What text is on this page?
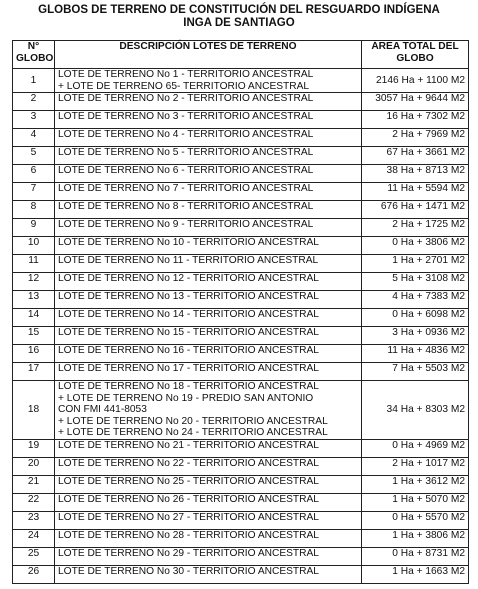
GLOBOS DE TERRENO DE CONSTITUCIÓN DEL RESGUARDO INDÍGENA
INGA DE SANTIAGO
N°
GLOBO	DESCRIPCIÓN LOTES DE TERRENO	ÁREA TOTAL DEL
GLOBO

1	LOTE DE TERRENO No 1 - TERRITORIO ANCESTRAL
+ LOTE DE TERRENO 65- TERRITORIO ANCESTRAL	2146 Ha + 1100 M2
2	LOTE DE TERRENO No 2 - TERRITORIO ANCESTRAL	3057 Ha + 9644 M2
3	LOTE DE TERRENO No 3 - TERRITORIO ANCESTRAL	16 Ha + 7302 M2
4	LOTE DE TERRENO No 4 - TERRITORIO ANCESTRAL	2 Ha + 7969 M2
5	LOTE DE TERRENO No 5 - TERRITORIO ANCESTRAL	67 Ha + 3661 M2
6	LOTE DE TERRENO No 6 - TERRITORIO ANCESTRAL	38 Ha + 8713 M2
7	LOTE DE TERRENO No 7 - TERRITORIO ANCESTRAL	11 Ha + 5594 M2
8	LOTE DE TERRENO No 8 - TERRITORIO ANCESTRAL	676 Ha + 1471 M2
9	LOTE DE TERRENO No 9 - TERRITORIO ANCESTRAL	2 Ha + 1725 M2
10	LOTE DE TERRENO No 10 - TERRITORIO ANCESTRAL	0 Ha + 3806 M2
11	LOTE DE TERRENO No 11 - TERRITORIO ANCESTRAL	1 Ha + 2701 M2
12	LOTE DE TERRENO No 12 - TERRITORIO ANCESTRAL	5 Ha + 3108 M2
13	LOTE DE TERRENO No 13 - TERRITORIO ANCESTRAL	4 Ha + 7383 M2
14	LOTE DE TERRENO No 14 - TERRITORIO ANCESTRAL	0 Ha + 6098 M2
15	LOTE DE TERRENO No 15 - TERRITORIO ANCESTRAL	3 Ha + 0936 M2
16	LOTE DE TERRENO No 16 - TERRITORIO ANCESTRAL	11 Ha + 4836 M2
17	LOTE DE TERRENO No 17 - TERRITORIO ANCESTRAL	7 Ha + 5503 M2
18	LOTE DE TERRENO No 18 - TERRITORIO ANCESTRAL
+ LOTE DE TERRENO No 19 - PREDIO SAN ANTONIO
CON FMI 441-8053
+ LOTE DE TERRENO No 20 - TERRITORIO ANCESTRAL
+ LOTE DE TERRENO No 24 - TERRITORIO ANCESTRAL	34 Ha + 8303 M2
19	LOTE DE TERRENO No 21 - TERRITORIO ANCESTRAL	0 Ha + 4969 M2
20	LOTE DE TERRENO No 22 - TERRITORIO ANCESTRAL	2 Ha + 1017 M2
21	LOTE DE TERRENO No 25 - TERRITORIO ANCESTRAL	1 Ha + 3612 M2
22	LOTE DE TERRENO No 26 - TERRITORIO ANCESTRAL	1 Ha + 5070 M2
23	LOTE DE TERRENO No 27 - TERRITORIO ANCESTRAL	0 Ha + 5570 M2
24	LOTE DE TERRENO No 28 - TERRITORIO ANCESTRAL	1 Ha + 3806 M2
25	LOTE DE TERRENO No 29 - TERRITORIO ANCESTRAL	0 Ha + 8731 M2
26	LOTE DE TERRENO No 30 - TERRITORIO ANCESTRAL	1 Ha + 1663 M2
